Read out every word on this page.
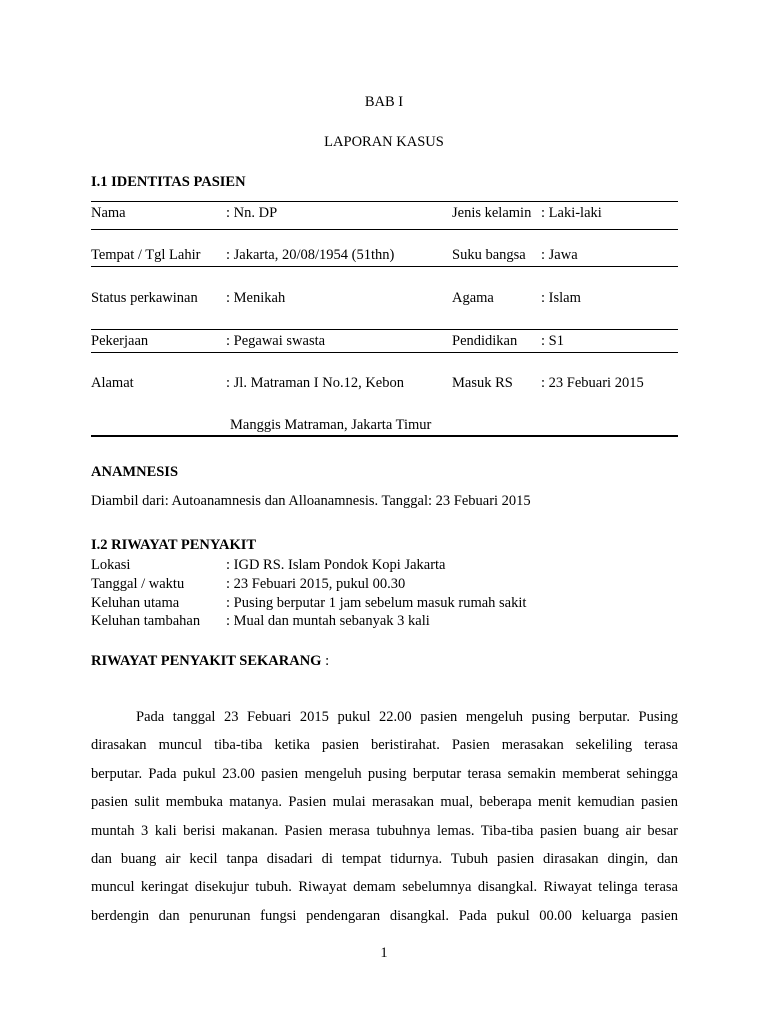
BAB I
LAPORAN KASUS
I.1 IDENTITAS PASIEN
Nama	: Nn. DP	Jenis kelamin : Laki-laki
Tempat / Tgl Lahir : Jakarta, 20/08/1954 (51thn)	Suku bangsa : Jawa
Status perkawinan : Menikah	Agama	: Islam
Pekerjaan	: Pegawai swasta	Pendidikan : S1
Alamat	: Jl. Matraman I No.12, Kebon	Masuk RS : 23 Febuari 2015
Manggis Matraman, Jakarta Timur
ANAMNESIS
Diambil dari: Autoanamnesis dan Alloanamnesis. Tanggal: 23 Febuari 2015
I.2 RIWAYAT PENYAKIT
Lokasi	: IGD RS. Islam Pondok Kopi Jakarta
Tanggal / waktu	: 23 Febuari 2015, pukul 00.30
Keluhan utama	: Pusing berputar 1 jam sebelum masuk rumah sakit
Keluhan tambahan : Mual dan muntah sebanyak 3 kali
RIWAYAT PENYAKIT SEKARANG :
Pada tanggal 23 Febuari 2015 pukul 22.00 pasien mengeluh pusing berputar. Pusing
dirasakan muncul tiba-tiba ketika pasien beristirahat. Pasien merasakan sekeliling terasa
berputar. Pada pukul 23.00 pasien mengeluh pusing berputar terasa semakin memberat sehingga
pasien sulit membuka matanya. Pasien mulai merasakan mual, beberapa menit kemudian pasien
muntah 3 kali berisi makanan. Pasien merasa tubuhnya lemas. Tiba-tiba pasien buang air besar
dan buang air kecil tanpa disadari di tempat tidurnya. Tubuh pasien dirasakan dingin, dan
muncul keringat disekujur tubuh. Riwayat demam sebelumnya disangkal. Riwayat telinga terasa
berdengin dan penurunan fungsi pendengaran disangkal. Pada pukul 00.00 keluarga pasien
1
